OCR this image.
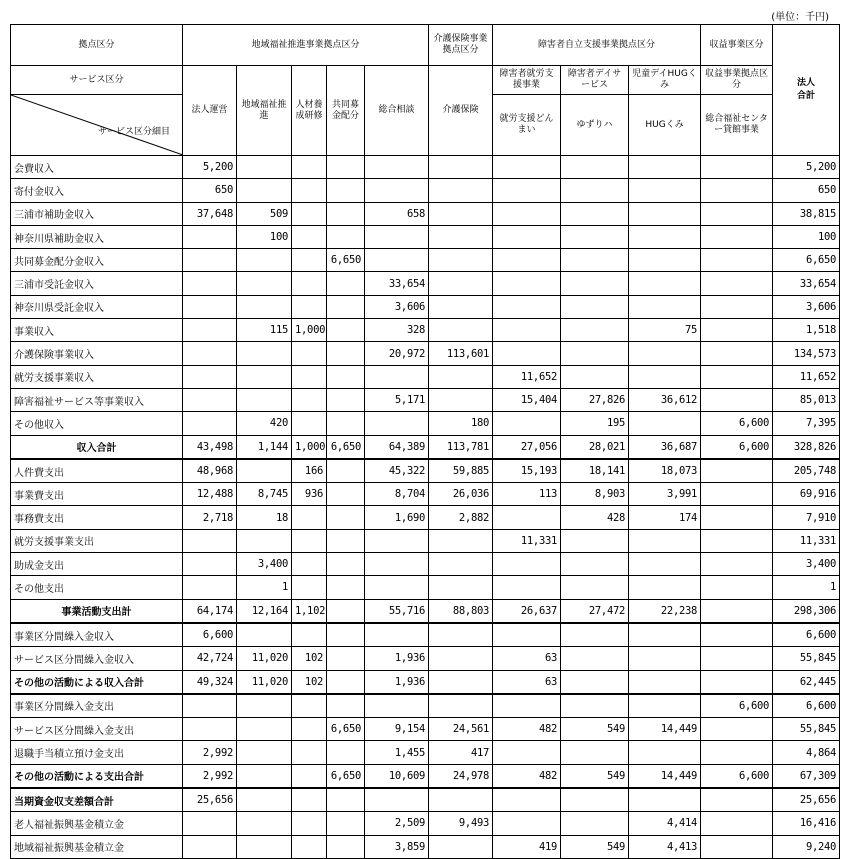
(単位：千円)
拠点区分	地域福祉推進事業拠点区分					介護保険事業拠点区分	障害者自立支援事業拠点区分			収益事業区分	法人合計
サービス区分	法人運営	地域福祉推進	人材養成研修	共同募金配分	総合相談	介護保険	障害者就労支援事業	障害者デイサービス	児童デイHUGくみ	収益事業拠点区分	

サービス区分細目							就労支援どんまい	ゆずりハ	HUGくみ	総合福祉センター貸館事業	
会費収入	5,200										5,200
寄付金収入	650										650
三浦市補助金収入	37,648	509			658						38,815
神奈川県補助金収入		100									100
共同募金配分金収入				6,650							6,650
三浦市受託金収入					33,654						33,654
神奈川県受託金収入					3,606						3,606
事業収入		115	1,000		328				75		1,518
介護保険事業収入					20,972	113,601					134,573
就労支援事業収入							11,652				11,652
障害福祉サービス等事業収入					5,171		15,404	27,826	36,612		85,013
その他収入		420				180		195		6,600	7,395
収入合計	43,498	1,144	1,000	6,650	64,389	113,781	27,056	28,021	36,687	6,600	328,826
人件費支出	48,968		166		45,322	59,885	15,193	18,141	18,073		205,748
事業費支出	12,488	8,745	936		8,704	26,036	113	8,903	3,991		69,916
事務費支出	2,718	18			1,690	2,882		428	174		7,910
就労支援事業支出							11,331				11,331
助成金支出		3,400									3,400
その他支出		1									1
事業活動支出計	64,174	12,164	1,102		55,716	88,803	26,637	27,472	22,238		298,306
事業区分間繰入金収入	6,600										6,600
サービス区分間繰入金収入	42,724	11,020	102		1,936		63				55,845
その他の活動による収入合計	49,324	11,020	102		1,936		63				62,445
事業区分間繰入金支出										6,600	6,600
サービス区分間繰入金支出				6,650	9,154	24,561	482	549	14,449		55,845
退職手当積立預け金支出	2,992				1,455	417					4,864
その他の活動による支出合計	2,992			6,650	10,609	24,978	482	549	14,449	6,600	67,309
当期資金収支差額合計	25,656										25,656
老人福祉振興基金積立金					2,509	9,493			4,414		16,416
地域福祉振興基金積立金					3,859		419	549	4,413		9,240
